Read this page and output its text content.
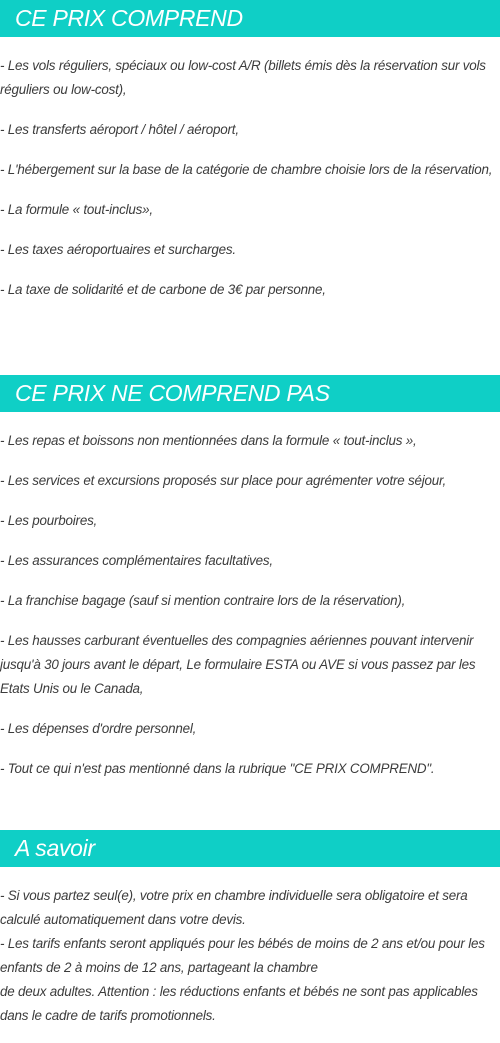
CE PRIX COMPREND

- Les vols réguliers, spéciaux ou low-cost A/R (billets émis dès la réservation sur vols réguliers ou low-cost),

- Les transferts aéroport / hôtel / aéroport,

- L'hébergement sur la base de la catégorie de chambre choisie lors de la réservation,

- La formule « tout-inclus»,

- Les taxes aéroportuaires et surcharges.

- La taxe de solidarité et de carbone de 3€ par personne,

CE PRIX NE COMPREND PAS

- Les repas et boissons non mentionnées dans la formule « tout-inclus »,

- Les services et excursions proposés sur place pour agrémenter votre séjour,

- Les pourboires,

- Les assurances complémentaires facultatives,

- La franchise bagage (sauf si mention contraire lors de la réservation),

- Les hausses carburant éventuelles des compagnies aériennes pouvant intervenir jusqu'à 30 jours avant le départ, Le formulaire ESTA ou AVE si vous passez par les Etats Unis ou le Canada,

- Les dépenses d'ordre personnel,

- Tout ce qui n'est pas mentionné dans la rubrique "CE PRIX COMPREND".

A savoir

- Si vous partez seul(e), votre prix en chambre individuelle sera obligatoire et sera calculé automatiquement dans votre devis.

- Les tarifs enfants seront appliqués pour les bébés de moins de 2 ans et/ou pour les enfants de 2 à moins de 12 ans, partageant la chambre

de deux adultes. Attention : les réductions enfants et bébés ne sont pas applicables dans le cadre de tarifs promotionnels.
